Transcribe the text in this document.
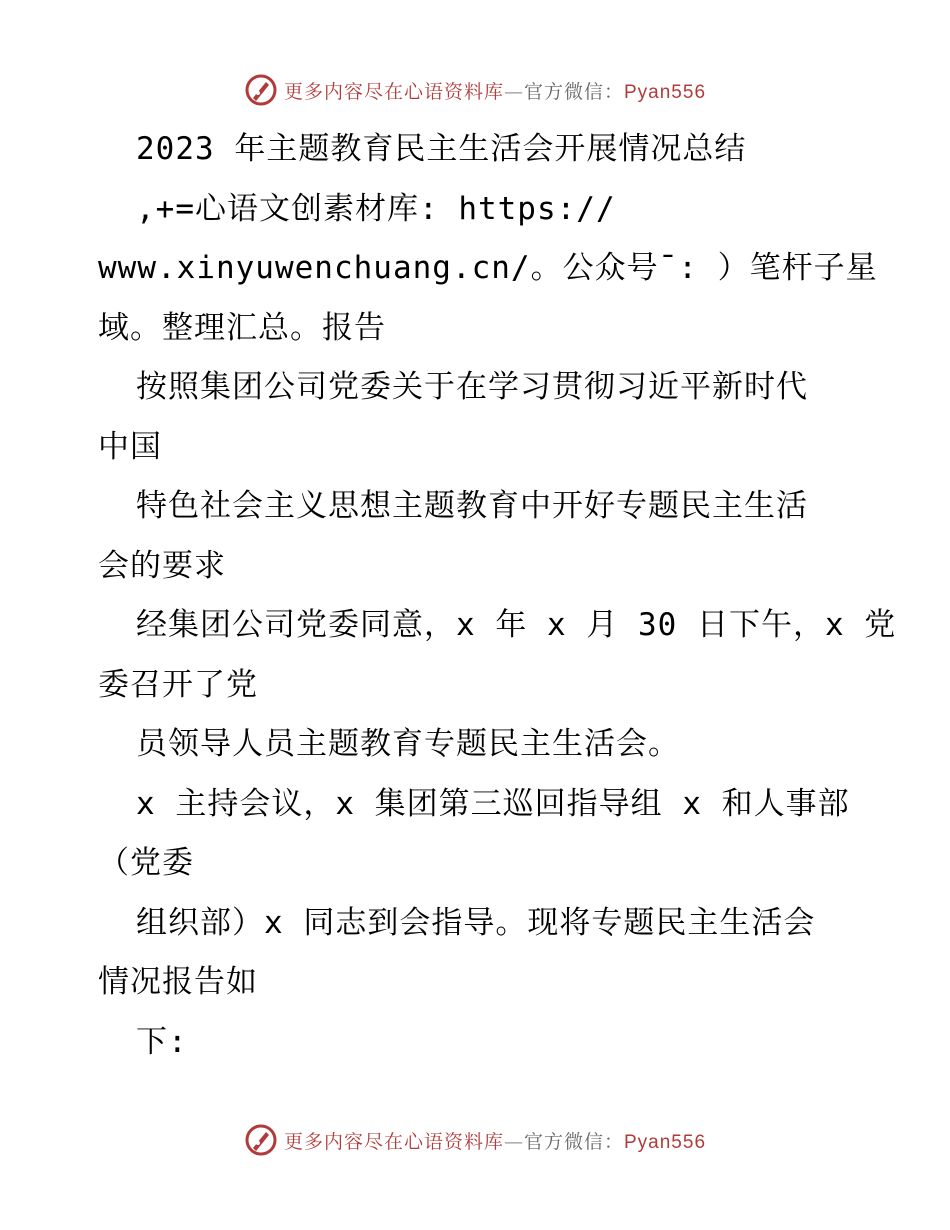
更多内容尽在心语资料库—官方微信：Pyan556
2023 年主题教育民主生活会开展情况总结
,+=心语文创素材库: https://
www.xinyuwenchuang.cn/。公众号¯: ）笔杆子星
域。整理汇总。报告
按照集团公司党委关于在学习贯彻习近平新时代
中国
特色社会主义思想主题教育中开好专题民主生活
会的要求
经集团公司党委同意，x 年 x 月 30 日下午，x 党
委召开了党
员领导人员主题教育专题民主生活会。
x 主持会议，x 集团第三巡回指导组 x 和人事部
（党委
组织部）x 同志到会指导。现将专题民主生活会
情况报告如
下:
更多内容尽在心语资料库—官方微信：Pyan556
